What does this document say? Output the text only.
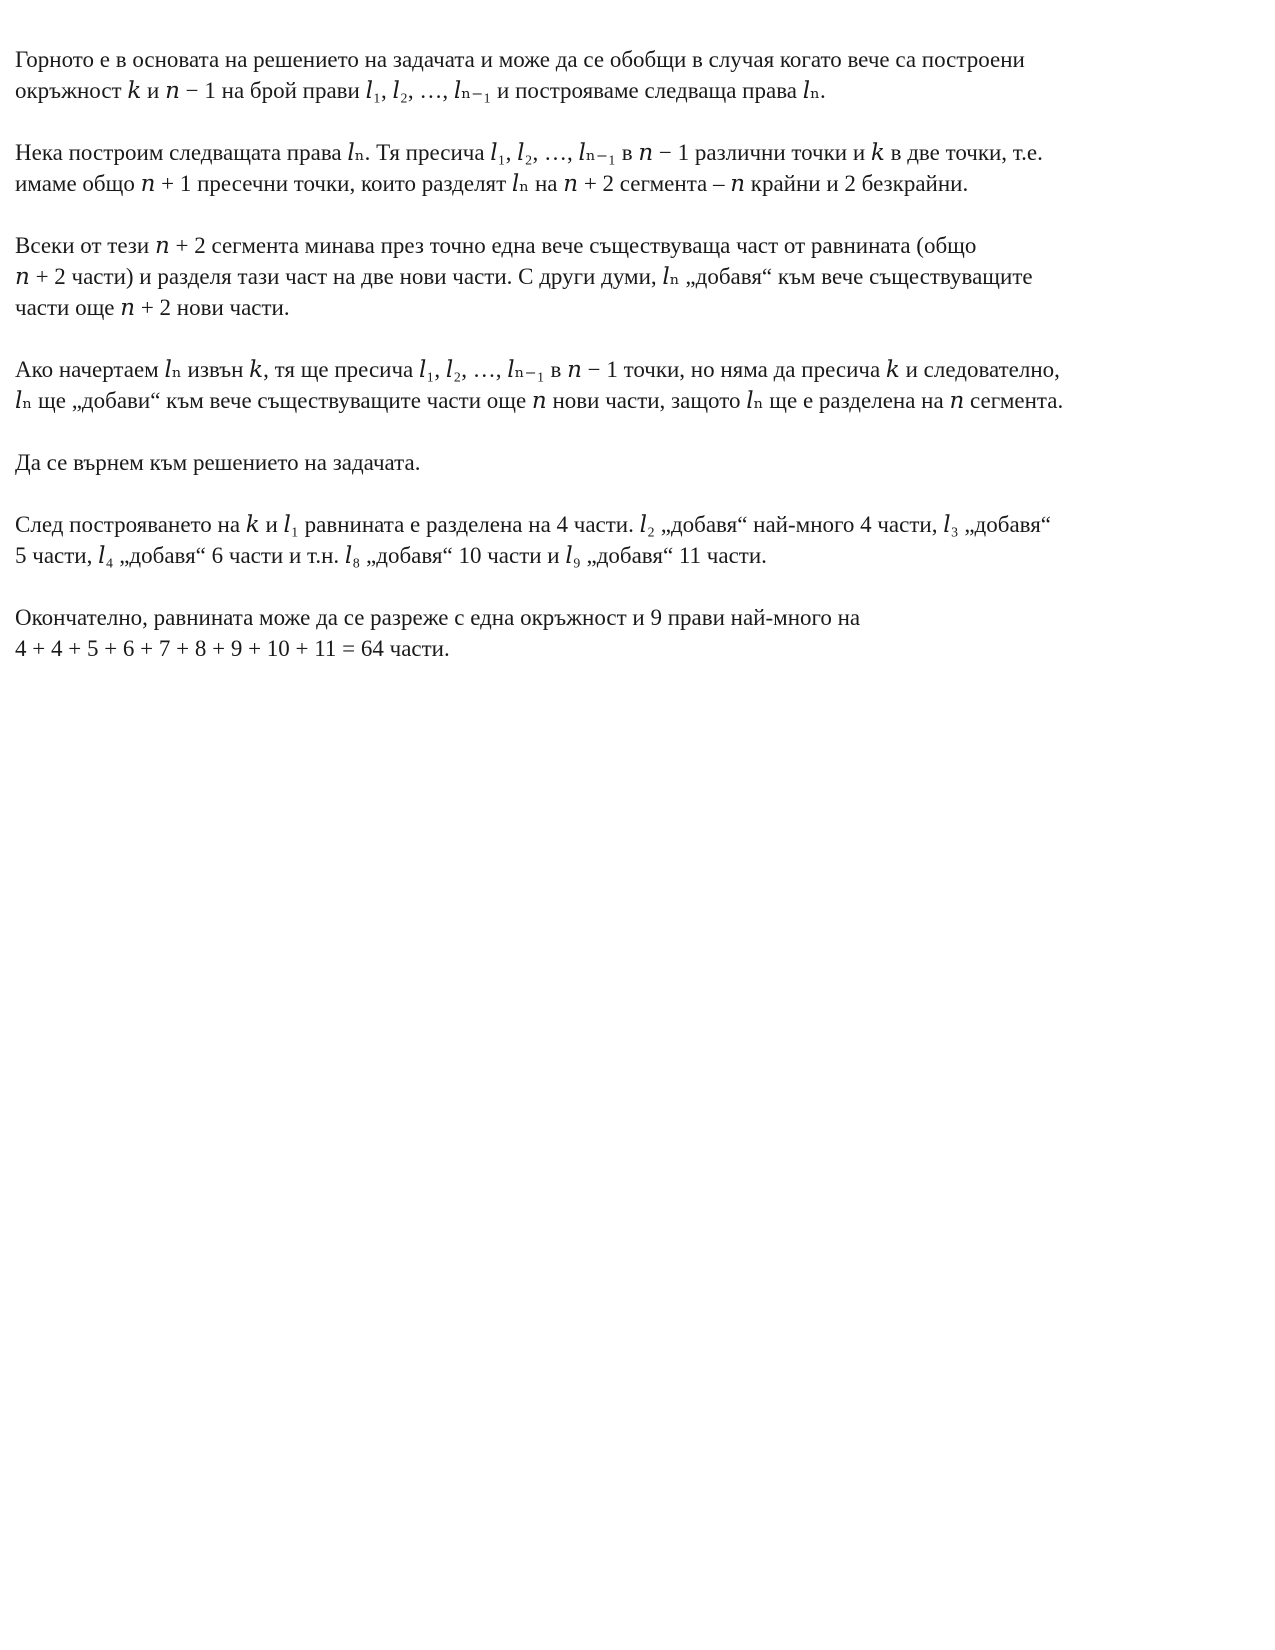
Горното е в основата на решението на задачата и може да се обобщи в случая когато вече са построени
окръжност 𝑘 и 𝑛 − 1 на брой прави 𝑙₁, 𝑙₂, …, 𝑙ₙ₋₁ и построяваме следваща права 𝑙ₙ.

Нека построим следващата права 𝑙ₙ. Тя пресича 𝑙₁, 𝑙₂, …, 𝑙ₙ₋₁ в 𝑛 − 1 различни точки и 𝑘 в две точки, т.е.
имаме общо 𝑛 + 1 пресечни точки, които разделят 𝑙ₙ на 𝑛 + 2 сегмента – 𝑛 крайни и 2 безкрайни.

Всеки от тези 𝑛 + 2 сегмента минава през точно една вече съществуваща част от равнината (общо
𝑛 + 2 части) и разделя тази част на две нови части. С други думи, 𝑙ₙ „добавя“ към вече съществуващите
части още 𝑛 + 2 нови части.

Ако начертаем 𝑙ₙ извън 𝑘, тя ще пресича 𝑙₁, 𝑙₂, …, 𝑙ₙ₋₁ в 𝑛 − 1 точки, но няма да пресича 𝑘 и следователно,
𝑙ₙ ще „добави“ към вече съществуващите части още 𝑛 нови части, защото 𝑙ₙ ще е разделена на 𝑛 сегмента.

Да се върнем към решението на задачата.

След построяването на 𝑘 и 𝑙₁ равнината е разделена на 4 части. 𝑙₂ „добавя“ най-много 4 части, 𝑙₃ „добавя“
5 части, 𝑙₄ „добавя“ 6 части и т.н. 𝑙₈ „добавя“ 10 части и 𝑙₉ „добавя“ 11 части.

Окончателно, равнината може да се разреже с една окръжност и 9 прави най-много на
4 + 4 + 5 + 6 + 7 + 8 + 9 + 10 + 11 = 64 части.
